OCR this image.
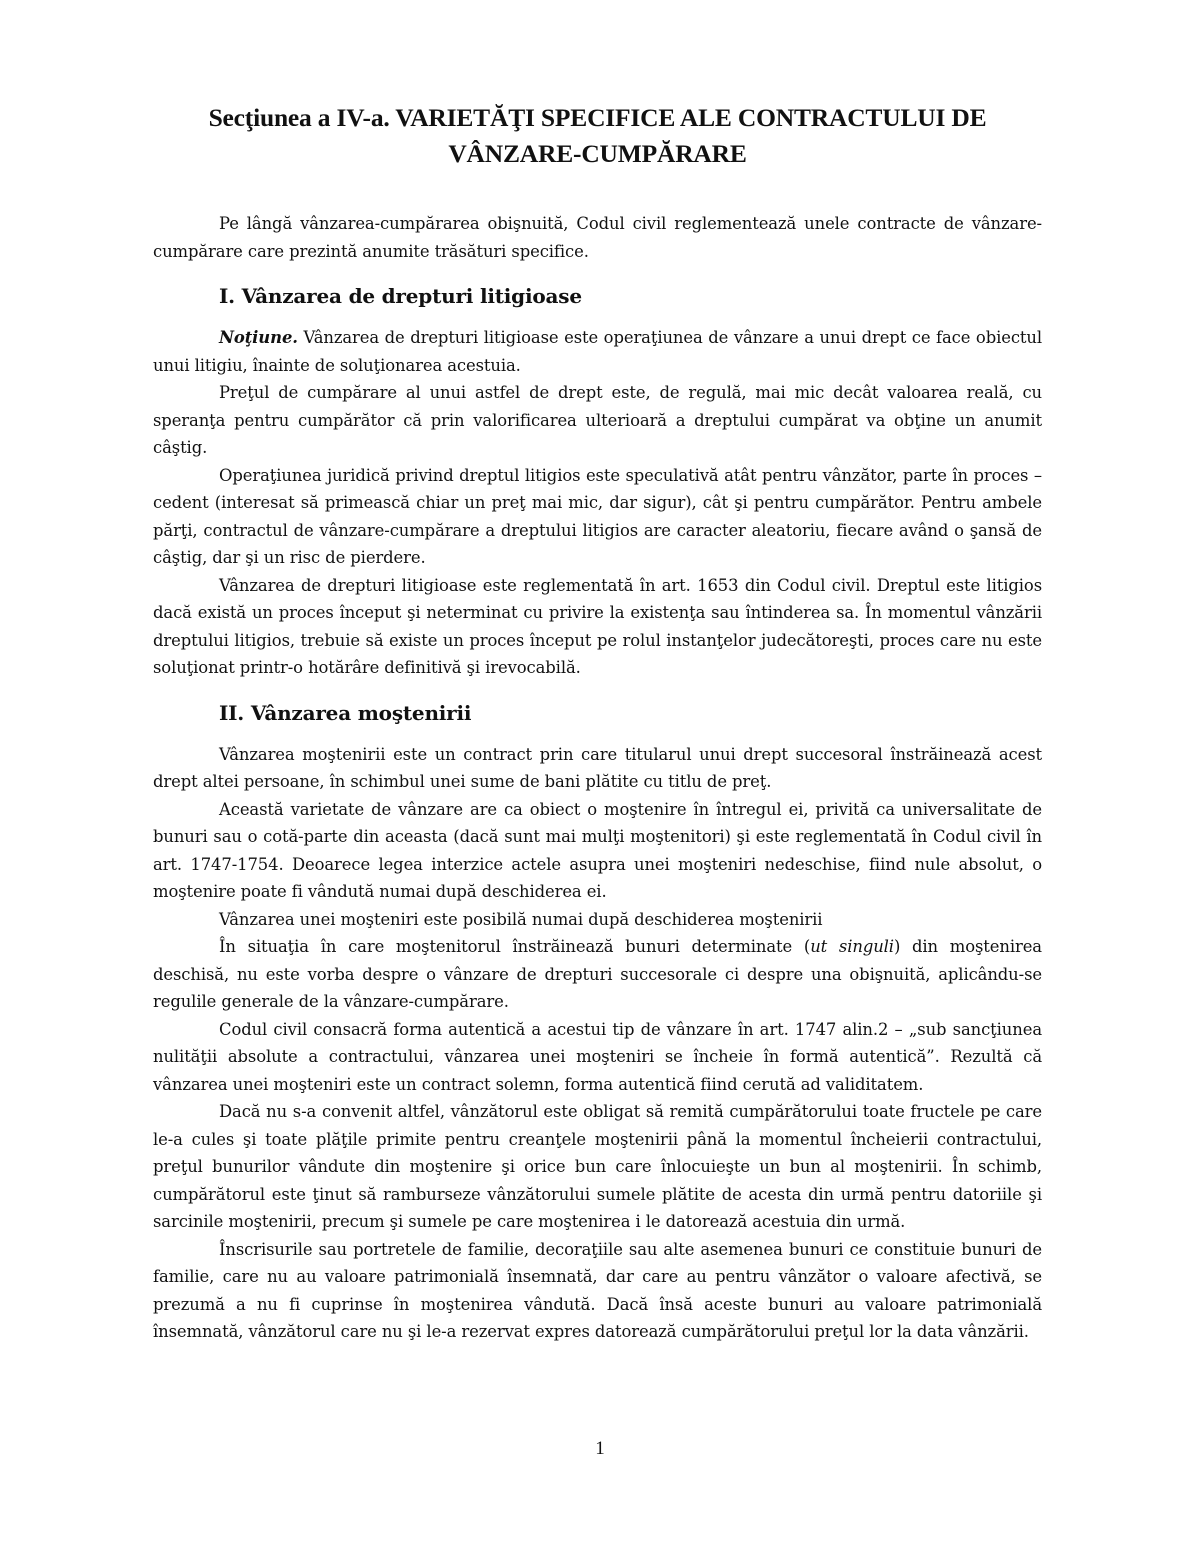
Secţiunea a IV-a. VARIETĂŢI SPECIFICE ALE CONTRACTULUI DE
VÂNZARE-CUMPĂRARE

Pe lângă vânzarea-cumpărarea obişnuită, Codul civil reglementează unele contracte de vânzare- cumpărare care prezintă anumite trăsături specifice.

I. Vânzarea de drepturi litigioase

Noţiune. Vânzarea de drepturi litigioase este operaţiunea de vânzare a unui drept ce face obiectul unui litigiu, înainte de soluţionarea acestuia.

Preţul de cumpărare al unui astfel de drept este, de regulă, mai mic decât valoarea reală, cu speranţa pentru cumpărător că prin valorificarea ulterioară a dreptului cumpărat va obţine un anumit câştig.

Operaţiunea juridică privind dreptul litigios este speculativă atât pentru vânzător, parte în proces –cedent (interesat să primească chiar un preţ mai mic, dar sigur), cât şi pentru cumpărător. Pentru ambele părţi, contractul de vânzare-cumpărare a dreptului litigios are caracter aleatoriu, fiecare având o şansă de câştig, dar şi un risc de pierdere.

Vânzarea de drepturi litigioase este reglementată în art. 1653 din Codul civil. Dreptul este litigios dacă există un proces început şi neterminat cu privire la existenţa sau întinderea sa. În momentul vânzării dreptului litigios, trebuie să existe un proces început pe rolul instanţelor judecătoreşti, proces care nu este soluţionat printr-o hotărâre definitivă şi irevocabilă.

II. Vânzarea moştenirii

Vânzarea moştenirii este un contract prin care titularul unui drept succesoral înstrăinează acest drept altei persoane, în schimbul unei sume de bani plătite cu titlu de preţ.

Această varietate de vânzare are ca obiect o moştenire în întregul ei, privită ca universalitate de bunuri sau o cotă-parte din aceasta (dacă sunt mai mulţi moştenitori) şi este reglementată în Codul civil în art. 1747-1754. Deoarece legea interzice actele asupra unei moşteniri nedeschise, fiind nule absolut, o moştenire poate fi vândută numai după deschiderea ei.

Vânzarea unei moşteniri este posibilă numai după deschiderea moştenirii

În situaţia în care moştenitorul înstrăinează bunuri determinate (ut singuli) din moştenirea deschisă, nu este vorba despre o vânzare de drepturi succesorale ci despre una obişnuită, aplicându-se regulile generale de la vânzare-cumpărare.

Codul civil consacră forma autentică a acestui tip de vânzare în art. 1747 alin.2 – „sub sancţiunea nulităţii absolute a contractului, vânzarea unei moşteniri se încheie în formă autentică”. Rezultă că vânzarea unei moşteniri este un contract solemn, forma autentică fiind cerută ad validitatem.

Dacă nu s-a convenit altfel, vânzătorul este obligat să remită cumpărătorului toate fructele pe care le-a cules şi toate plăţile primite pentru creanţele moştenirii până la momentul încheierii contractului, preţul bunurilor vândute din moştenire şi orice bun care înlocuieşte un bun al moştenirii. În schimb, cumpărătorul este ţinut să ramburseze vânzătorului sumele plătite de acesta din urmă pentru datoriile şi sarcinile moştenirii, precum şi sumele pe care moştenirea i le datorează acestuia din urmă.

Înscrisurile sau portretele de familie, decoraţiile sau alte asemenea bunuri ce constituie bunuri de familie, care nu au valoare patrimonială însemnată, dar care au pentru vânzător o valoare afectivă, se prezumă a nu fi cuprinse în moştenirea vândută. Dacă însă aceste bunuri au valoare patrimonială însemnată, vânzătorul care nu şi le-a rezervat expres datorează cumpărătorului preţul lor la data vânzării.

1
